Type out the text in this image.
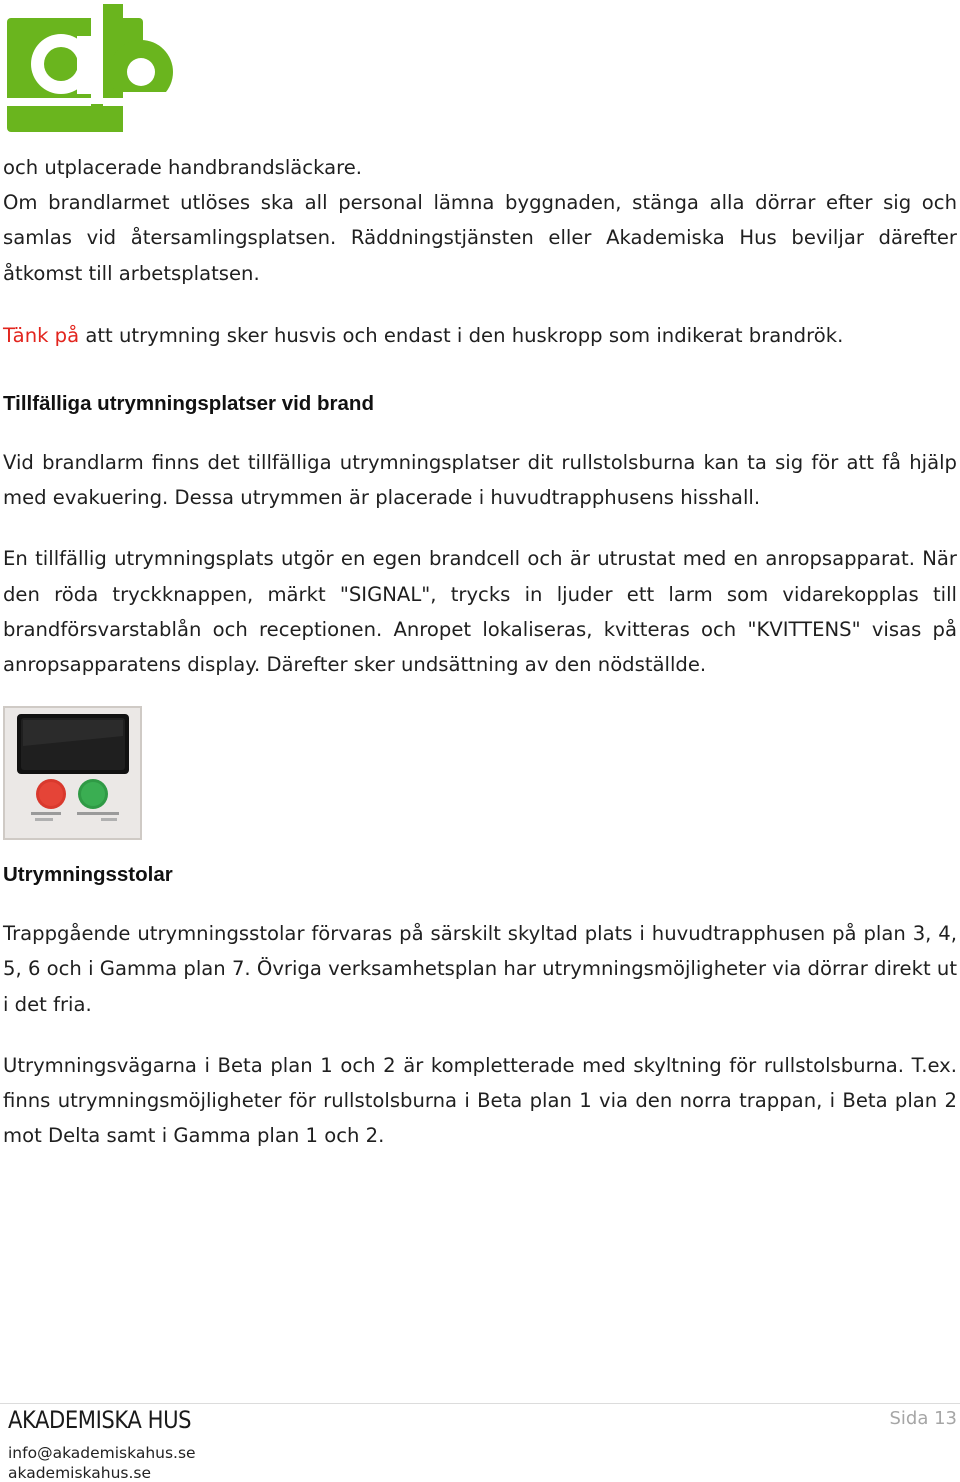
och utplacerade handbrandsläckare.

Om brandlarmet utlöses ska all personal lämna byggnaden, stänga alla dörrar efter sig och samlas vid återsamlingsplatsen. Räddningstjänsten eller Akademiska Hus beviljar därefter åtkomst till arbetsplatsen.

Tänk på att utrymning sker husvis och endast i den huskropp som indikerat brandrök.

Tillfälliga utrymningsplatser vid brand

Vid brandlarm finns det tillfälliga utrymningsplatser dit rullstolsburna kan ta sig för att få hjälp med evakuering. Dessa utrymmen är placerade i huvudtrapphusens hisshall.

En tillfällig utrymningsplats utgör en egen brandcell och är utrustat med en anropsapparat. När den röda tryckknappen, märkt "SIGNAL", trycks in ljuder ett larm som vidarekopplas till brandförsvarstablån och receptionen. Anropet lokaliseras, kvitteras och "KVITTENS" visas på anropsapparatens display. Därefter sker undsättning av den nödställde.

Utrymningsstolar

Trappgående utrymningsstolar förvaras på särskilt skyltad plats i huvudtrapphusen på plan 3, 4, 5, 6 och i Gamma plan 7. Övriga verksamhetsplan har utrymningsmöjligheter via dörrar direkt ut i det fria.

Utrymningsvägarna i Beta plan 1 och 2 är kompletterade med skyltning för rullstolsburna. T.ex. finns utrymningsmöjligheter för rullstolsburna i Beta plan 1 via den norra trappan, i Beta plan 2 mot Delta samt i Gamma plan 1 och 2.

AKADEMISKA HUS
info@akademiskahus.se
akademiskahus.se
Sida 13
